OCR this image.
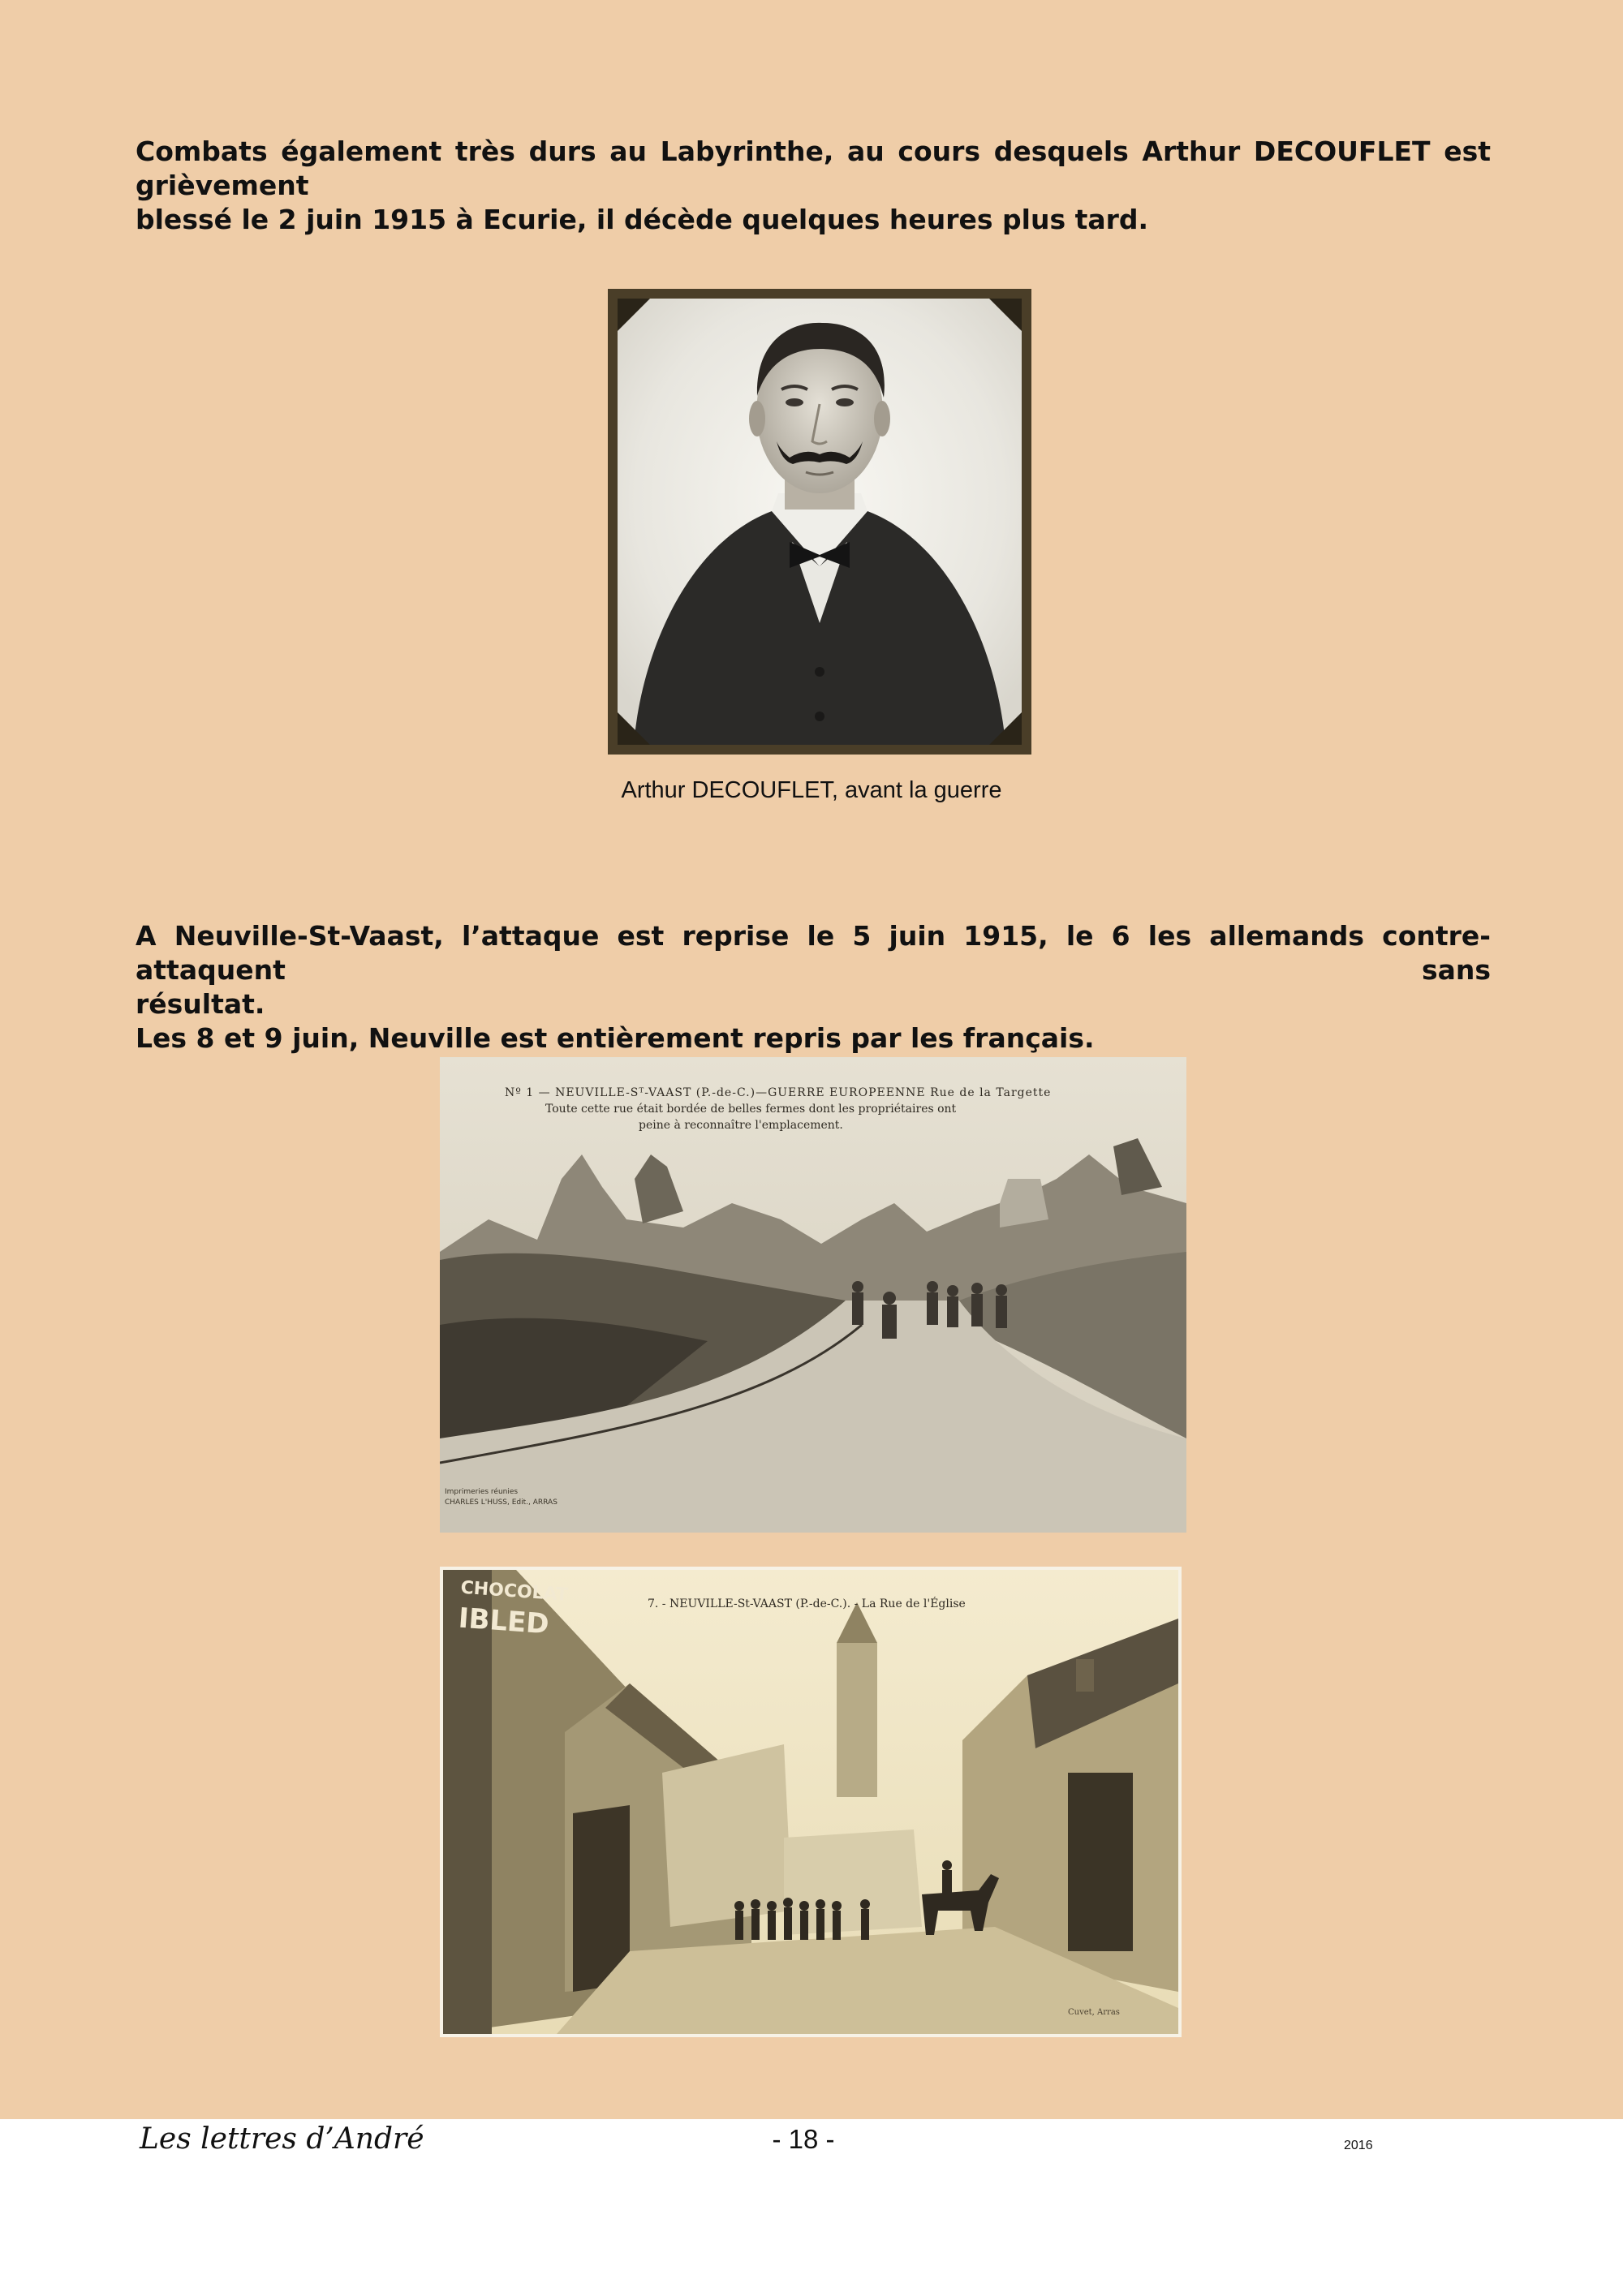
Combats également très durs au Labyrinthe, au cours desquels Arthur DECOUFLET est grièvement
blessé le 2 juin 1915 à Ecurie, il décède quelques heures plus tard.

Arthur DECOUFLET, avant la guerre

A Neuville-St-Vaast, l’attaque est reprise le 5 juin 1915, le 6 les allemands contre-attaquent sans
résultat.
Les 8 et 9 juin, Neuville est entièrement repris par les français.

Nº 1 — NEUVILLE-Sᵀ-VAAST (P.-de-C.)—GUERRE EUROPEENNE Rue de la Targette

Toute cette rue était bordée de belles fermes dont les propriétaires ont

peine à reconnaître l'emplacement.

Imprimeries réunies
CHARLES L'HUSS, Edit., ARRAS

CHOCOLAT
IBLED	7. - NEUVILLE-St-VAAST (P.-de-C.). - La Rue de l'Église

Cuvet, Arras

Les lettres d’André	- 18 -	2016
